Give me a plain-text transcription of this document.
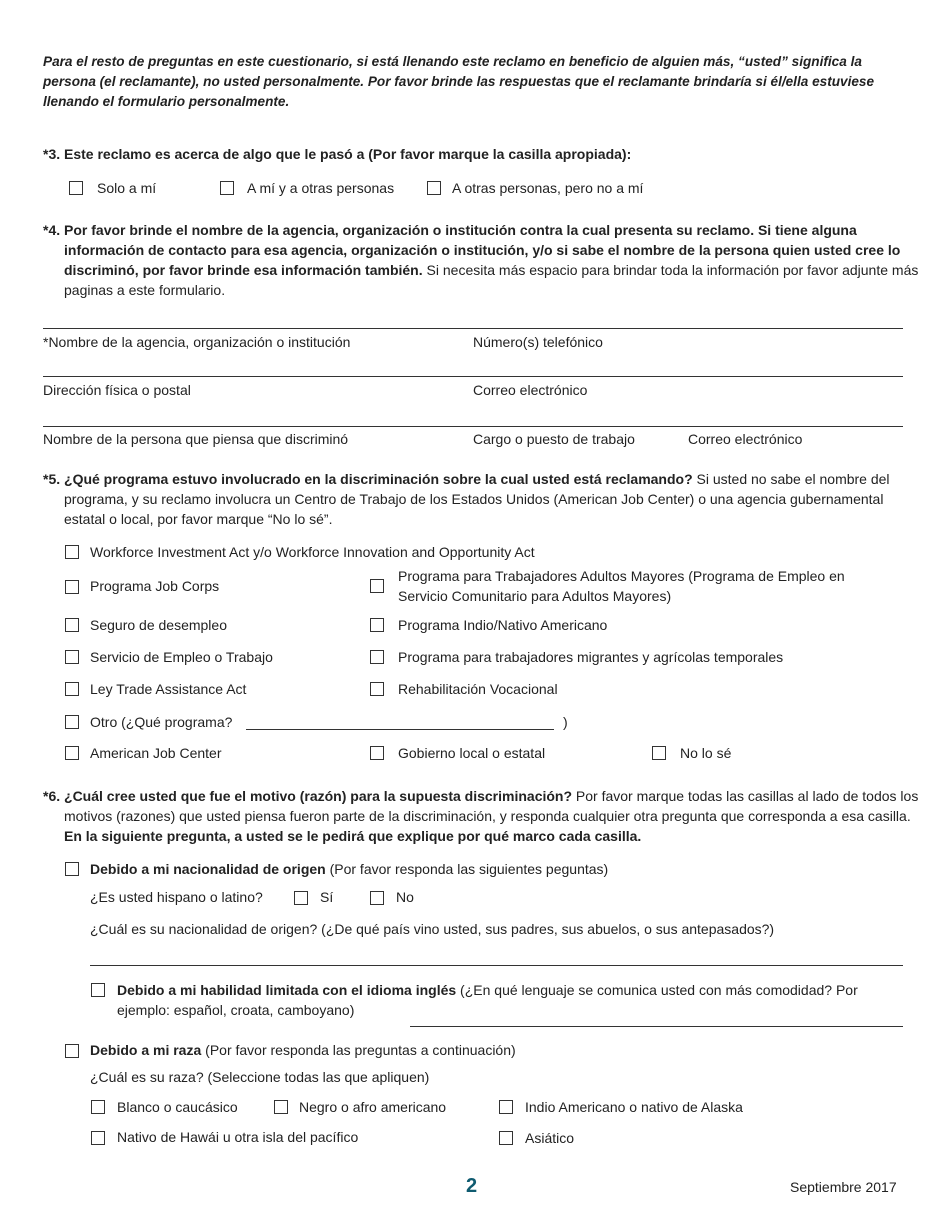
Para el resto de preguntas en este cuestionario, si está llenando este reclamo en beneficio de alguien más, “usted” significa la persona (el reclamante), no usted personalmente. Por favor brinde las respuestas que el reclamante brindaría si él/ella estuviese llenando el formulario personalmente.
*3. Este reclamo es acerca de algo que le pasó a (Por favor marque la casilla apropiada):
Solo a mí	A mí y a otras personas	A otras personas, pero no a mí
*4. Por favor brinde el nombre de la agencia, organización o institución contra la cual presenta su reclamo. Si tiene alguna información de contacto para esa agencia, organización o institución, y/o si sabe el nombre de la persona quien usted cree lo discriminó, por favor brinde esa información también. Si necesita más espacio para brindar toda la información por favor adjunte más paginas a este formulario.
*Nombre de la agencia, organización o institución	Número(s) telefónico
Dirección física o postal	Correo electrónico
Nombre de la persona que piensa que discriminó	Cargo o puesto de trabajo	Correo electrónico
*5. ¿Qué programa estuvo involucrado en la discriminación sobre la cual usted está reclamando? Si usted no sabe el nombre del programa, y su reclamo involucra un Centro de Trabajo de los Estados Unidos (American Job Center) o una agencia gubernamental estatal o local, por favor marque “No lo sé”.
Workforce Investment Act y/o Workforce Innovation and Opportunity Act
Programa Job Corps
Programa para Trabajadores Adultos Mayores (Programa de Empleo en Servicio Comunitario para Adultos Mayores)
Seguro de desempleo	Programa Indio/Nativo Americano
Servicio de Empleo o Trabajo	Programa para trabajadores migrantes y agrícolas temporales
Ley Trade Assistance Act	Rehabilitación Vocacional
Otro (¿Qué programa?	)
American Job Center	Gobierno local o estatal	No lo sé
*6. ¿Cuál cree usted que fue el motivo (razón) para la supuesta discriminación? Por favor marque todas las casillas al lado de todos los motivos (razones) que usted piensa fueron parte de la discriminación, y responda cualquier otra pregunta que corresponda a esa casilla. En la siguiente pregunta, a usted se le pedirá que explique por qué marco cada casilla.
Debido a mi nacionalidad de origen (Por favor responda las siguientes peguntas)
¿Es usted hispano o latino?	Sí	No
¿Cuál es su nacionalidad de origen? (¿De qué país vino usted, sus padres, sus abuelos, o sus antepasados?)
Debido a mi habilidad limitada con el idioma inglés (¿En qué lenguaje se comunica usted con más comodidad? Por ejemplo: español, croata, camboyano)
Debido a mi raza (Por favor responda las preguntas a continuación)
¿Cuál es su raza? (Seleccione todas las que apliquen)
Blanco o caucásico	Negro o afro americano	Indio Americano o nativo de Alaska
Nativo de Hawái u otra isla del pacífico	Asiático
2	Septiembre 2017
